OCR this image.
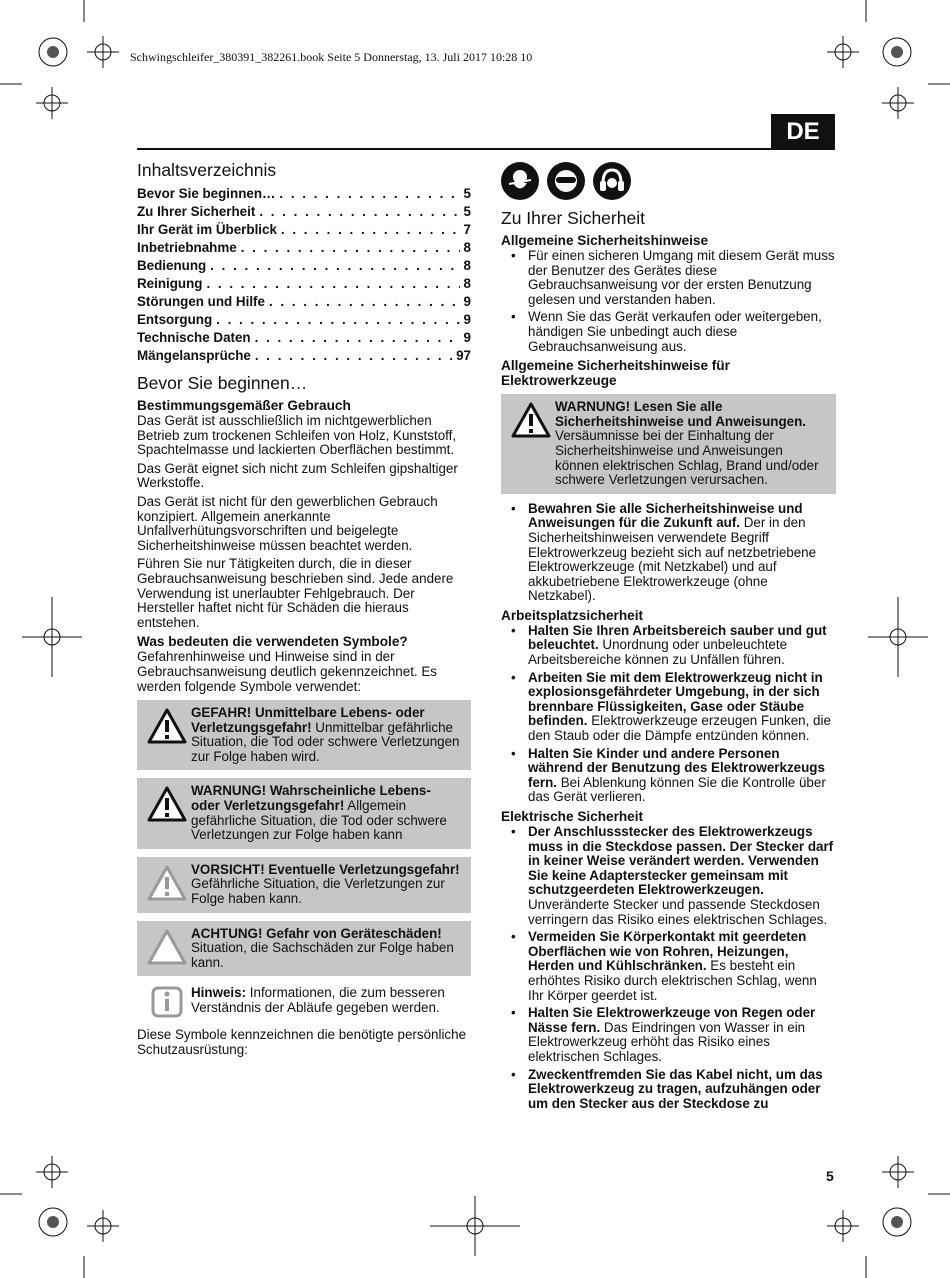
Schwingschleifer_380391_382261.book Seite 5 Donnerstag, 13. Juli 2017 10:28 10
DE
Inhaltsverzeichnis
Bevor Sie beginnen… . . .	5
Zu Ihrer Sicherheit . . .	5
Ihr Gerät im Überblick . . .	7
Inbetriebnahme . . .	8
Bedienung . . .	8
Reinigung . . .	8
Störungen und Hilfe . . .	9
Entsorgung . . .	9
Technische Daten . . .	9
Mängelansprüche . . .	97
Bevor Sie beginnen…
Bestimmungsgemäßer Gebrauch

Das Gerät ist ausschließlich im nichtgewerblichen Betrieb zum trockenen Schleifen von Holz, Kunststoff, Spachtelmasse und lackierten Oberflächen bestimmt.

Das Gerät eignet sich nicht zum Schleifen gipshaltiger Werkstoffe.

Das Gerät ist nicht für den gewerblichen Gebrauch konzipiert. Allgemein anerkannte Unfallverhütungsvorschriften und beigelegte Sicherheitshinweise müssen beachtet werden.

Führen Sie nur Tätigkeiten durch, die in dieser Gebrauchsanweisung beschrieben sind. Jede andere Verwendung ist unerlaubter Fehlgebrauch. Der Hersteller haftet nicht für Schäden die hieraus entstehen.

Was bedeuten die verwendeten Symbole?

Gefahrenhinweise und Hinweise sind in der Gebrauchsanweisung deutlich gekennzeichnet. Es werden folgende Symbole verwendet:

GEFAHR! Unmittelbare Lebens- oder Verletzungsgefahr! Unmittelbar gefährliche Situation, die Tod oder schwere Verletzungen zur Folge haben wird.
WARNUNG! Wahrscheinliche Lebens- oder Verletzungsgefahr! Allgemein gefährliche Situation, die Tod oder schwere Verletzungen zur Folge haben kann
VORSICHT! Eventuelle Verletzungsgefahr! Gefährliche Situation, die Verletzungen zur Folge haben kann.
ACHTUNG! Gefahr von Geräteschäden! Situation, die Sachschäden zur Folge haben kann.
Hinweis: Informationen, die zum besseren Verständnis der Abläufe gegeben werden.

Diese Symbole kennzeichnen die benötigte persönliche Schutzausrüstung:

Zu Ihrer Sicherheit
Allgemeine Sicherheitshinweise
• Für einen sicheren Umgang mit diesem Gerät muss der Benutzer des Gerätes diese Gebrauchsanweisung vor der ersten Benutzung gelesen und verstanden haben.
• Wenn Sie das Gerät verkaufen oder weitergeben, händigen Sie unbedingt auch diese Gebrauchsanweisung aus.
Allgemeine Sicherheitshinweise für Elektrowerkzeuge
WARNUNG! Lesen Sie alle Sicherheitshinweise und Anweisungen. Versäumnisse bei der Einhaltung der Sicherheitshinweise und Anweisungen können elektrischen Schlag, Brand und/oder schwere Verletzungen verursachen.
• Bewahren Sie alle Sicherheitshinweise und Anweisungen für die Zukunft auf. Der in den Sicherheitshinweisen verwendete Begriff Elektrowerkzeug bezieht sich auf netzbetriebene Elektrowerkzeuge (mit Netzkabel) und auf akkubetriebene Elektrowerkzeuge (ohne Netzkabel).
Arbeitsplatzsicherheit
• Halten Sie Ihren Arbeitsbereich sauber und gut beleuchtet. Unordnung oder unbeleuchtete Arbeitsbereiche können zu Unfällen führen.
• Arbeiten Sie mit dem Elektrowerkzeug nicht in explosionsgefährdeter Umgebung, in der sich brennbare Flüssigkeiten, Gase oder Stäube befinden. Elektrowerkzeuge erzeugen Funken, die den Staub oder die Dämpfe entzünden können.
• Halten Sie Kinder und andere Personen während der Benutzung des Elektrowerkzeugs fern. Bei Ablenkung können Sie die Kontrolle über das Gerät verlieren.
Elektrische Sicherheit
• Der Anschlussstecker des Elektrowerkzeugs muss in die Steckdose passen. Der Stecker darf in keiner Weise verändert werden. Verwenden Sie keine Adapterstecker gemeinsam mit schutzgeerdeten Elektrowerkzeugen. Unveränderte Stecker und passende Steckdosen verringern das Risiko eines elektrischen Schlages.
• Vermeiden Sie Körperkontakt mit geerdeten Oberflächen wie von Rohren, Heizungen, Herden und Kühlschränken. Es besteht ein erhöhtes Risiko durch elektrischen Schlag, wenn Ihr Körper geerdet ist.
• Halten Sie Elektrowerkzeuge von Regen oder Nässe fern. Das Eindringen von Wasser in ein Elektrowerkzeug erhöht das Risiko eines elektrischen Schlages.
• Zweckentfremden Sie das Kabel nicht, um das Elektrowerkzeug zu tragen, aufzuhängen oder um den Stecker aus der Steckdose zu
5
